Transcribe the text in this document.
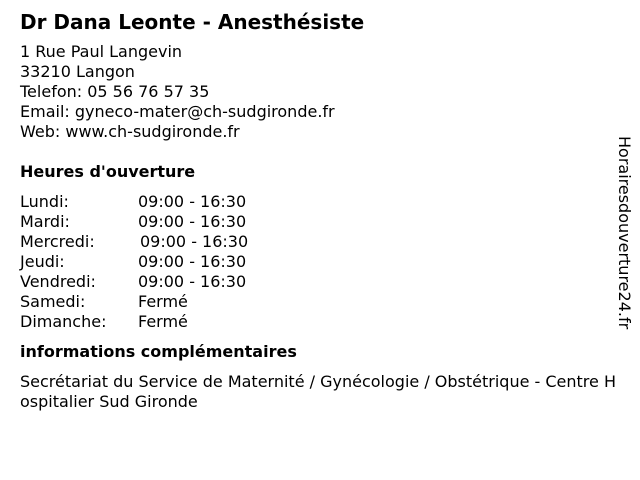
Dr Dana Leonte - Anesthésiste
1 Rue Paul Langevin
33210 Langon
Telefon: 05 56 76 57 35
Email: gyneco-mater@ch-sudgironde.fr
Web: www.ch-sudgironde.fr
Heures d'ouverture
Lundi:	09:00 - 16:30
Mardi:	09:00 - 16:30
Mercredi:	09:00 - 16:30
Jeudi:	09:00 - 16:30
Vendredi:	09:00 - 16:30
Samedi:	Fermé
Dimanche:	Fermé
informations complémentaires
Secrétariat du Service de Maternité / Gynécologie / Obstétrique - Centre Hospitalier Sud Gironde
Horairesdouverture24.fr
